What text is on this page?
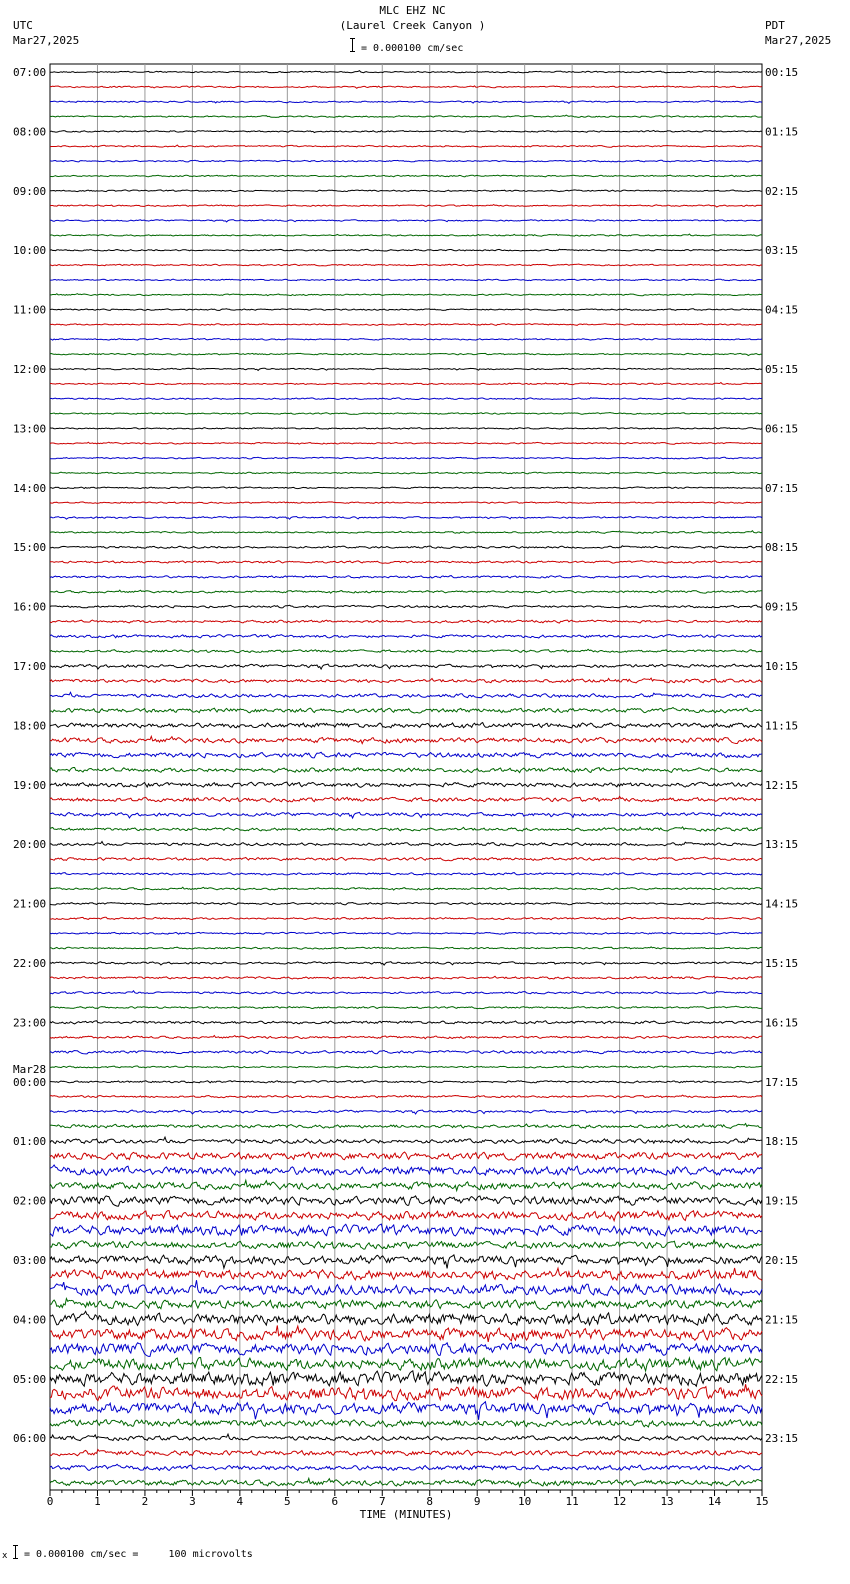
MLC EHZ NC
(Laurel Creek Canyon )
= 0.000100 cm/sec
UTC
Mar27,2025
PDT
Mar27,2025
0	1	2	3	4	5	6	7	8	9	10	11	12	13	14	15
TIME (MINUTES)
07:00	00:15
08:00	01:15
09:00	02:15
10:00	03:15
11:00	04:15
12:00	05:15
13:00	06:15
14:00	07:15
15:00	08:15
16:00	09:15
17:00	10:15
18:00	11:15
19:00	12:15
20:00	13:15
21:00	14:15
22:00	15:15
23:00	16:15
00:00	17:15
Mar28
01:00	18:15
02:00	19:15
03:00	20:15
04:00	21:15
05:00	22:15
06:00	23:15
x = 0.000100 cm/sec =     100 microvolts
